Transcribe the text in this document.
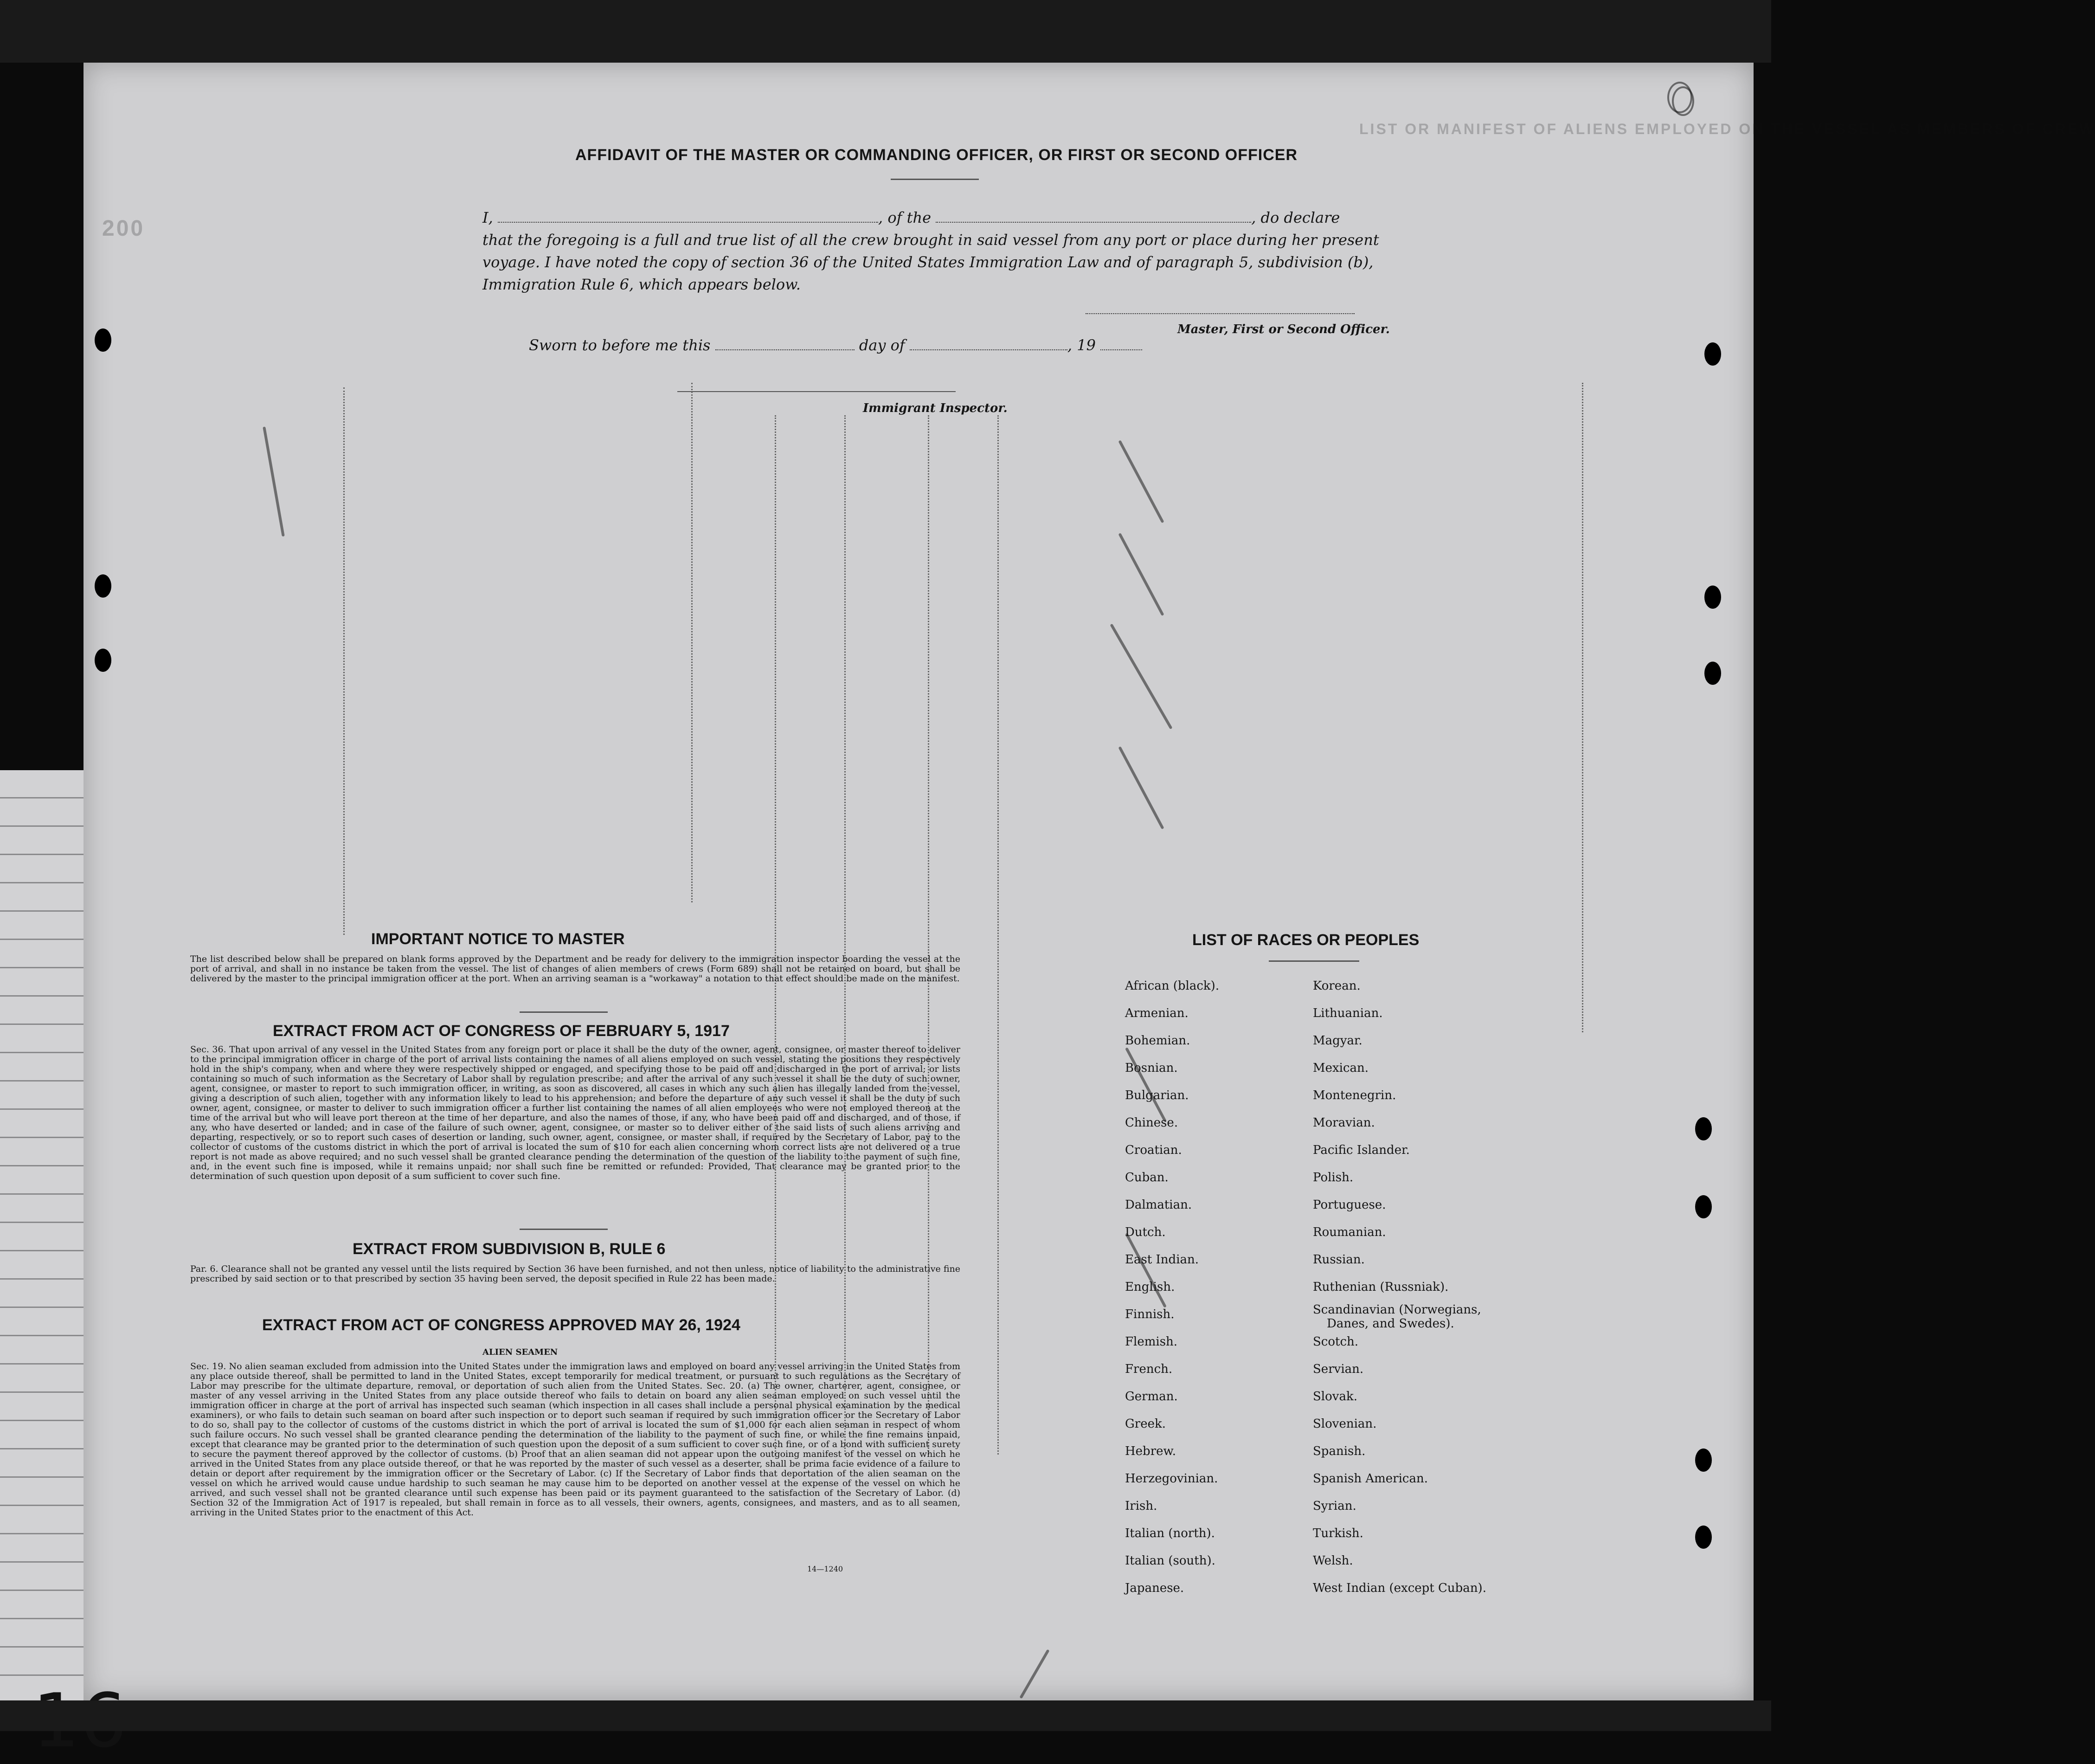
LIST OR MANIFEST OF ALIENS EMPLOYED ON THE VESSEL AS MEMBERS OF CREW
200
AFFIDAVIT OF THE MASTER OR COMMANDING OFFICER, OR FIRST OR SECOND OFFICER
I,	, of the	, do declare
that the foregoing is a full and true list of all the crew brought in said vessel from any port or place during her present
voyage. I have noted the copy of section 36 of the United States Immigration Law and of paragraph 5, subdivision (b),
Immigration Rule 6, which appears below.
Master, First or Second Officer.
Sworn to before me this	day of	, 19
Immigrant Inspector.
IMPORTANT NOTICE TO MASTER
The list described below shall be prepared on blank forms approved by the Department and be ready for delivery to the immigration inspector boarding the vessel at the port of arrival, and shall in no instance be taken from the vessel. The list of changes of alien members of crews (Form 689) shall not be retained on board, but shall be delivered by the master to the principal immigration officer at the port. When an arriving seaman is a "workaway" a notation to that effect should be made on the manifest.
EXTRACT FROM ACT OF CONGRESS OF FEBRUARY 5, 1917
Sec. 36. That upon arrival of any vessel in the United States from any foreign port or place it shall be the duty of the owner, agent, consignee, or master thereof to deliver to the principal immigration officer in charge of the port of arrival lists containing the names of all aliens employed on such vessel, stating the positions they respectively hold in the ship's company, when and where they were respectively shipped or engaged, and specifying those to be paid off and discharged in the port of arrival; or lists containing so much of such information as the Secretary of Labor shall by regulation prescribe; and after the arrival of any such vessel it shall be the duty of such owner, agent, consignee, or master to report to such immigration officer, in writing, as soon as discovered, all cases in which any such alien has illegally landed from the vessel, giving a description of such alien, together with any information likely to lead to his apprehension; and before the departure of any such vessel it shall be the duty of such owner, agent, consignee, or master to deliver to such immigration officer a further list containing the names of all alien employees who were not employed thereon at the time of the arrival but who will leave port thereon at the time of her departure, and also the names of those, if any, who have been paid off and discharged, and of those, if any, who have deserted or landed; and in case of the failure of such owner, agent, consignee, or master so to deliver either of the said lists of such aliens arriving and departing, respectively, or so to report such cases of desertion or landing, such owner, agent, consignee, or master shall, if required by the Secretary of Labor, pay to the collector of customs of the customs district in which the port of arrival is located the sum of $10 for each alien concerning whom correct lists are not delivered or a true report is not made as above required; and no such vessel shall be granted clearance pending the determination of the question of the liability to the payment of such fine, and, in the event such fine is imposed, while it remains unpaid; nor shall such fine be remitted or refunded: Provided, That clearance may be granted prior to the determination of such question upon deposit of a sum sufficient to cover such fine.
EXTRACT FROM SUBDIVISION B, RULE 6
Par. 6. Clearance shall not be granted any vessel until the lists required by Section 36 have been furnished, and not then unless, notice of liability to the administrative fine prescribed by said section or to that prescribed by section 35 having been served, the deposit specified in Rule 22 has been made.
EXTRACT FROM ACT OF CONGRESS APPROVED MAY 26, 1924
ALIEN SEAMEN
Sec. 19. No alien seaman excluded from admission into the United States under the immigration laws and employed on board any vessel arriving in the United States from any place outside thereof, shall be permitted to land in the United States, except temporarily for medical treatment, or pursuant to such regulations as the Secretary of Labor may prescribe for the ultimate departure, removal, or deportation of such alien from the United States. Sec. 20. (a) The owner, charterer, agent, consignee, or master of any vessel arriving in the United States from any place outside thereof who fails to detain on board any alien seaman employed on such vessel until the immigration officer in charge at the port of arrival has inspected such seaman (which inspection in all cases shall include a personal physical examination by the medical examiners), or who fails to detain such seaman on board after such inspection or to deport such seaman if required by such immigration officer or the Secretary of Labor to do so, shall pay to the collector of customs of the customs district in which the port of arrival is located the sum of $1,000 for each alien seaman in respect of whom such failure occurs. No such vessel shall be granted clearance pending the determination of the liability to the payment of such fine, or while the fine remains unpaid, except that clearance may be granted prior to the determination of such question upon the deposit of a sum sufficient to cover such fine, or of a bond with sufficient surety to secure the payment thereof approved by the collector of customs. (b) Proof that an alien seaman did not appear upon the outgoing manifest of the vessel on which he arrived in the United States from any place outside thereof, or that he was reported by the master of such vessel as a deserter, shall be prima facie evidence of a failure to detain or deport after requirement by the immigration officer or the Secretary of Labor. (c) If the Secretary of Labor finds that deportation of the alien seaman on the vessel on which he arrived would cause undue hardship to such seaman he may cause him to be deported on another vessel at the expense of the vessel on which he arrived, and such vessel shall not be granted clearance until such expense has been paid or its payment guaranteed to the satisfaction of the Secretary of Labor. (d) Section 32 of the Immigration Act of 1917 is repealed, but shall remain in force as to all vessels, their owners, agents, consignees, and masters, and as to all seamen, arriving in the United States prior to the enactment of this Act.
14—1240
LIST OF RACES OR PEOPLES
African (black).
Armenian.
Bohemian.
Bosnian.
Bulgarian.
Chinese.
Croatian.
Cuban.
Dalmatian.
Dutch.
East Indian.
English.
Finnish.
Flemish.
French.
German.
Greek.
Hebrew.
Herzegovinian.
Irish.
Italian (north).
Italian (south).
Japanese.
Korean.
Lithuanian.
Magyar.
Mexican.
Montenegrin.
Moravian.
Pacific Islander.
Polish.
Portuguese.
Roumanian.
Russian.
Ruthenian (Russniak).
Scandinavian (Norwegians,
Scotch.
Servian.
Slovak.
Slovenian.
Spanish.
Spanish American.
Syrian.
Turkish.
Welsh.
West Indian (except Cuban).
Danes, and Swedes).
